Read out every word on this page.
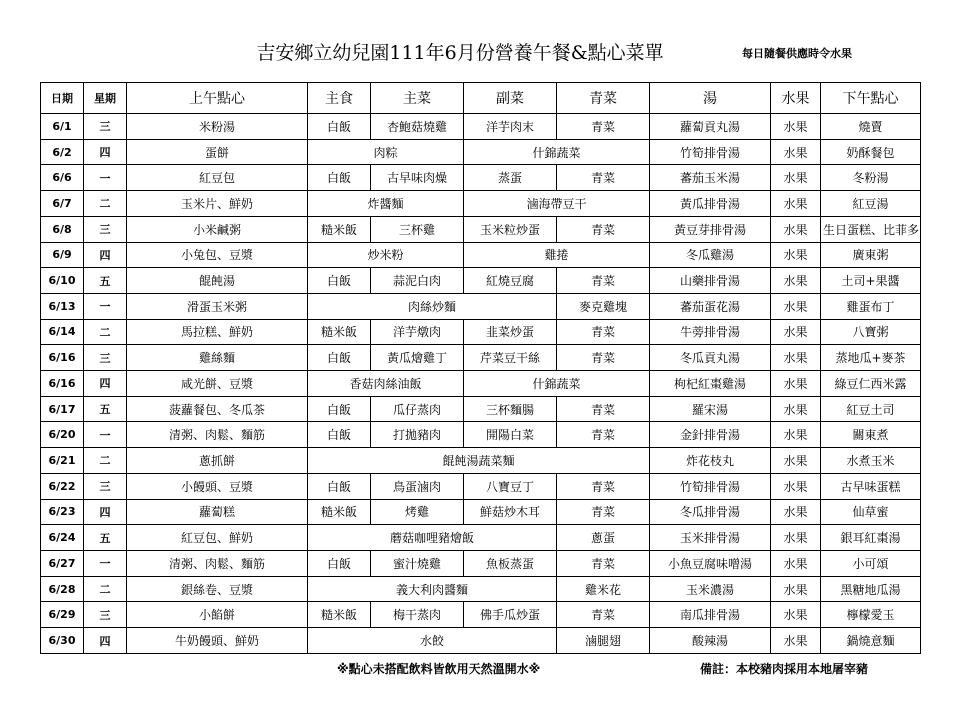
吉安鄉立幼兒園111年6月份營養午餐&點心菜單	每日隨餐供應時令水果
日期	星期	上午點心	主食	主菜	副菜	青菜	湯	水果	下午點心
6/1	三	米粉湯	白飯	杏鮑菇燒雞	洋芋肉末	青菜	蘿蔔貢丸湯	水果	燒賣
6/2	四	蛋餅	肉粽		什錦蔬菜		竹筍排骨湯	水果	奶酥餐包
6/6	一	紅豆包	白飯	古早味肉燥	蒸蛋	青菜	蕃茄玉米湯	水果	冬粉湯
6/7	二	玉米片、鮮奶	炸醬麵		滷海帶豆干		黃瓜排骨湯	水果	紅豆湯
6/8	三	小米鹹粥	糙米飯	三杯雞	玉米粒炒蛋	青菜	黃豆芽排骨湯	水果	生日蛋糕、比菲多
6/9	四	小兔包、豆漿	炒米粉		雞捲		冬瓜雞湯	水果	廣東粥
6/10	五	餛飩湯	白飯	蒜泥白肉	紅燒豆腐	青菜	山藥排骨湯	水果	土司+果醬
6/13	一	滑蛋玉米粥	肉絲炒麵			麥克雞塊	蕃茄蛋花湯	水果	雞蛋布丁
6/14	二	馬拉糕、鮮奶	糙米飯	洋芋燉肉	韭菜炒蛋	青菜	牛蒡排骨湯	水果	八寶粥
6/16	三	雞絲麵	白飯	黃瓜燴雞丁	芹菜豆干絲	青菜	冬瓜貢丸湯	水果	蒸地瓜+麥茶
6/16	四	咸光餅、豆漿	香菇肉絲油飯		什錦蔬菜		枸杞紅棗雞湯	水果	綠豆仁西米露
6/17	五	菠蘿餐包、冬瓜茶	白飯	瓜仔蒸肉	三杯麵腸	青菜	羅宋湯	水果	紅豆土司
6/20	一	清粥、肉鬆、麵筋	白飯	打拋豬肉	開陽白菜	青菜	金針排骨湯	水果	關東煮
6/21	二	蔥抓餅	餛飩湯蔬菜麵				炸花枝丸	水果	水煮玉米
6/22	三	小饅頭、豆漿	白飯	鳥蛋滷肉	八寶豆丁	青菜	竹筍排骨湯	水果	古早味蛋糕
6/23	四	蘿蔔糕	糙米飯	烤雞	鮮菇炒木耳	青菜	冬瓜排骨湯	水果	仙草蜜
6/24	五	紅豆包、鮮奶	蘑菇咖哩豬燴飯			蔥蛋	玉米排骨湯	水果	銀耳紅棗湯
6/27	一	清粥、肉鬆、麵筋	白飯	蜜汁燒雞	魚板蒸蛋	青菜	小魚豆腐味噌湯	水果	小可頌
6/28	二	銀絲卷、豆漿	義大利肉醬麵			雞米花	玉米濃湯	水果	黑糖地瓜湯
6/29	三	小餡餅	糙米飯	梅干蒸肉	佛手瓜炒蛋	青菜	南瓜排骨湯	水果	檸檬愛玉
6/30	四	牛奶饅頭、鮮奶	水餃			滷腿翅	酸辣湯	水果	鍋燒意麵
※點心未搭配飲料皆飲用天然溫開水※	備註：本校豬肉採用本地屠宰豬
